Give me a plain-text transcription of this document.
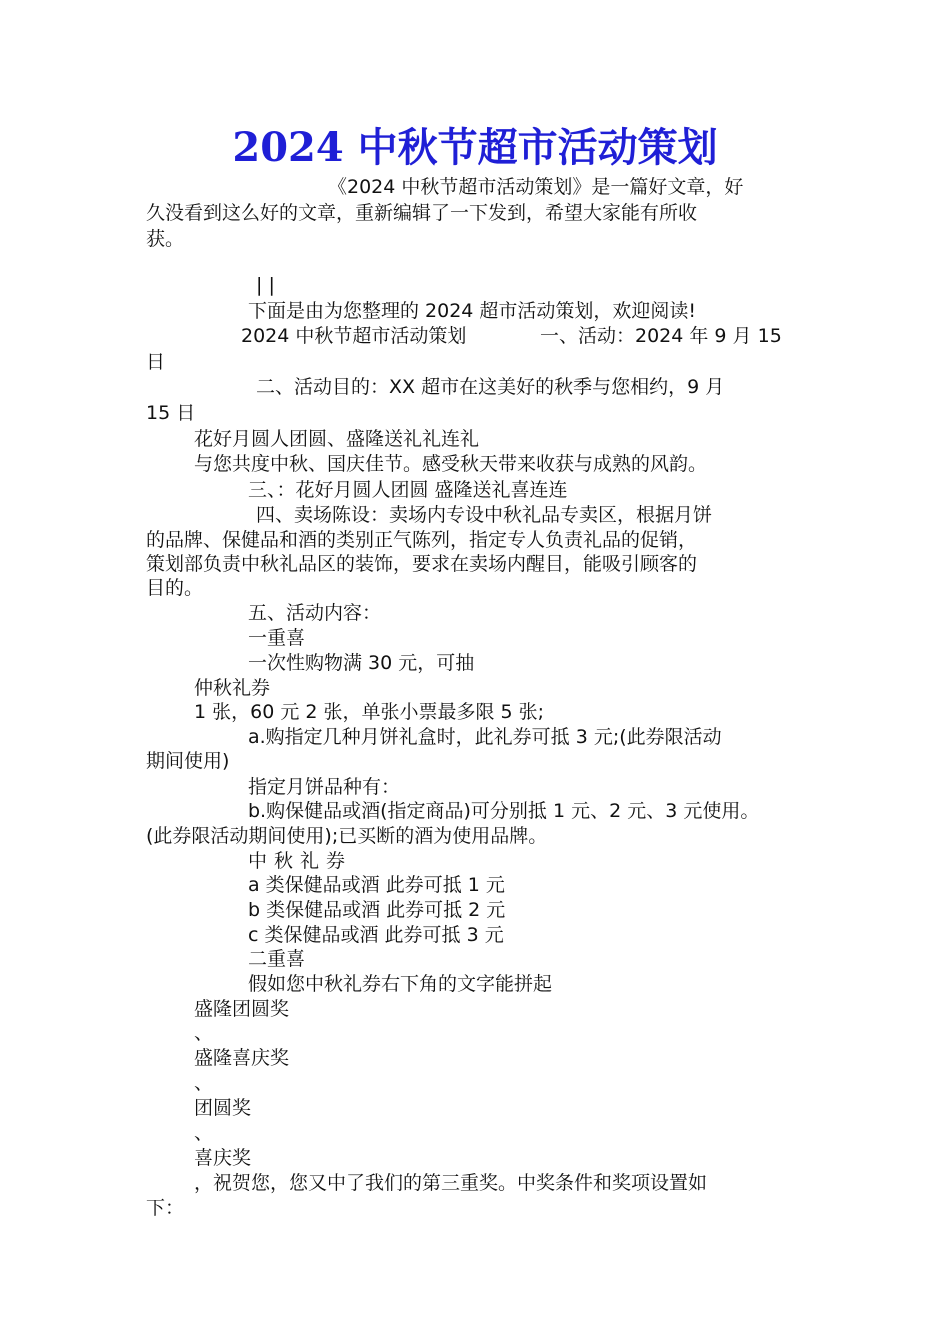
2024 中秋节超市活动策划
《2024 中秋节超市活动策划》是一篇好文章，好
久没看到这么好的文章，重新编辑了一下发到，希望大家能有所收
获。
| |
下面是由为您整理的 2024 超市活动策划，欢迎阅读!
2024 中秋节超市活动策划	一、活动：2024 年 9 月 15
日
二、活动目的：XX 超市在这美好的秋季与您相约，9 月
15 日
花好月圆人团圆、盛隆送礼礼连礼
与您共度中秋、国庆佳节。感受秋天带来收获与成熟的风韵。
三、：花好月圆人团圆 盛隆送礼喜连连
四、卖场陈设：卖场内专设中秋礼品专卖区，根据月饼
的品牌、保健品和酒的类别正气陈列，指定专人负责礼品的促销，
策划部负责中秋礼品区的装饰，要求在卖场内醒目，能吸引顾客的
目的。
五、活动内容：
一重喜
一次性购物满 30 元，可抽
仲秋礼券
1 张，60 元 2 张，单张小票最多限 5 张;
a.购指定几种月饼礼盒时，此礼券可抵 3 元;(此券限活动
期间使用)
指定月饼品种有：
b.购保健品或酒(指定商品)可分别抵 1 元、2 元、3 元使用。
(此券限活动期间使用);已买断的酒为使用品牌。
中秋礼券
a 类保健品或酒 此券可抵 1 元
b 类保健品或酒 此券可抵 2 元
c 类保健品或酒 此券可抵 3 元
二重喜
假如您中秋礼券右下角的文字能拼起
盛隆团圆奖
、
盛隆喜庆奖
、
团圆奖
、
喜庆奖
，祝贺您，您又中了我们的第三重奖。中奖条件和奖项设置如
下：
